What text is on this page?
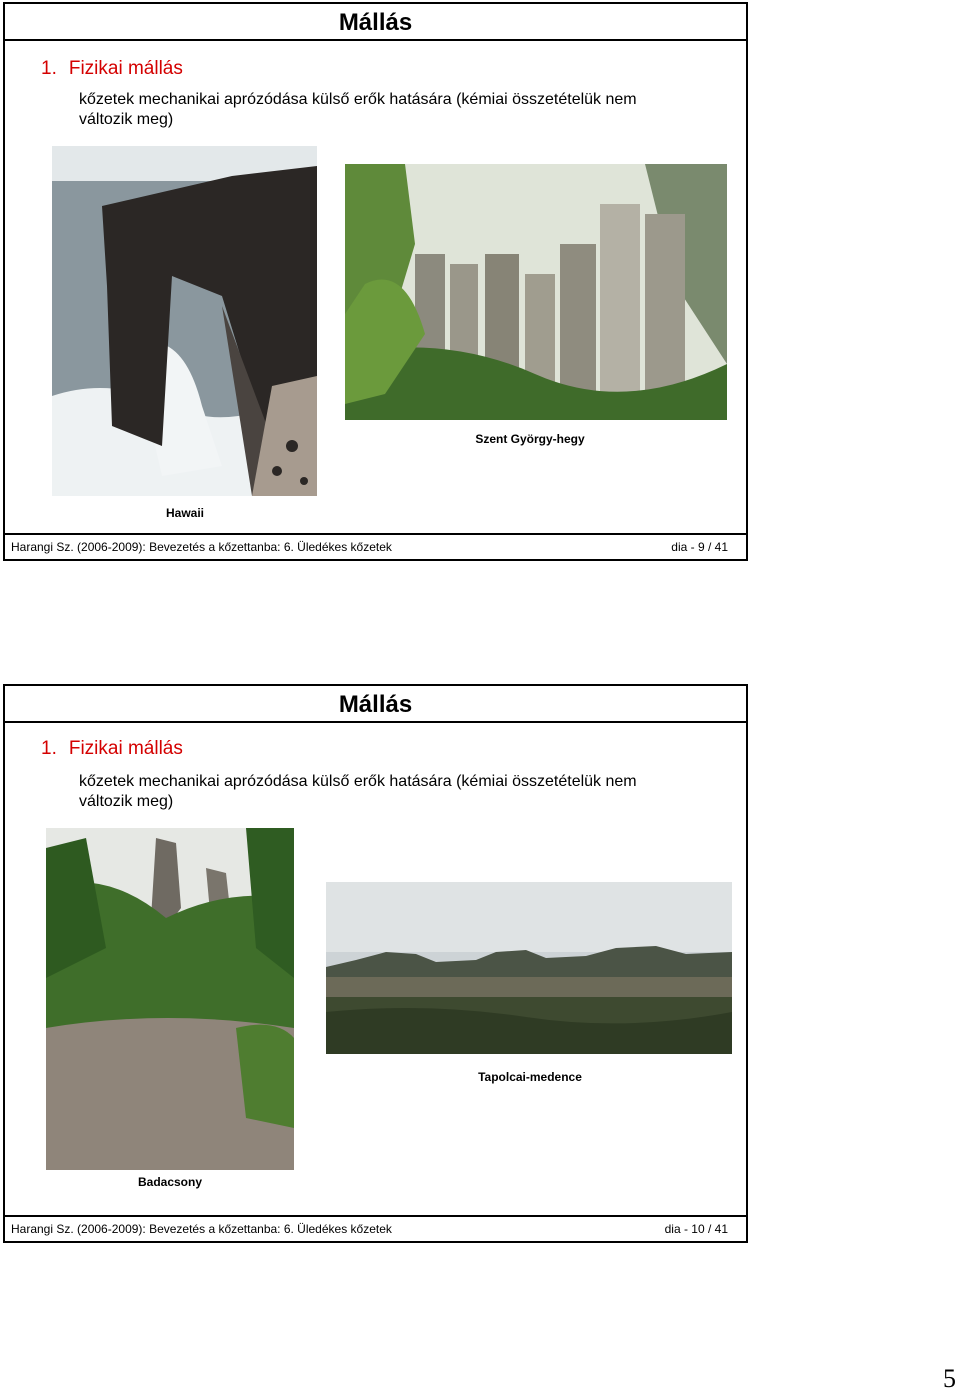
Mállás
1. Fizikai mállás
kőzetek mechanikai aprózódása külső erők hatására (kémiai összetételük nem változik meg)
Hawaii
Szent György-hegy
Harangi Sz. (2006-2009): Bevezetés a kőzettanba: 6. Üledékes kőzetek	dia - 9 / 41
Mállás
1. Fizikai mállás
kőzetek mechanikai aprózódása külső erők hatására (kémiai összetételük nem változik meg)
Badacsony
Tapolcai-medence
Harangi Sz. (2006-2009): Bevezetés a kőzettanba: 6. Üledékes kőzetek	dia - 10 / 41
5
